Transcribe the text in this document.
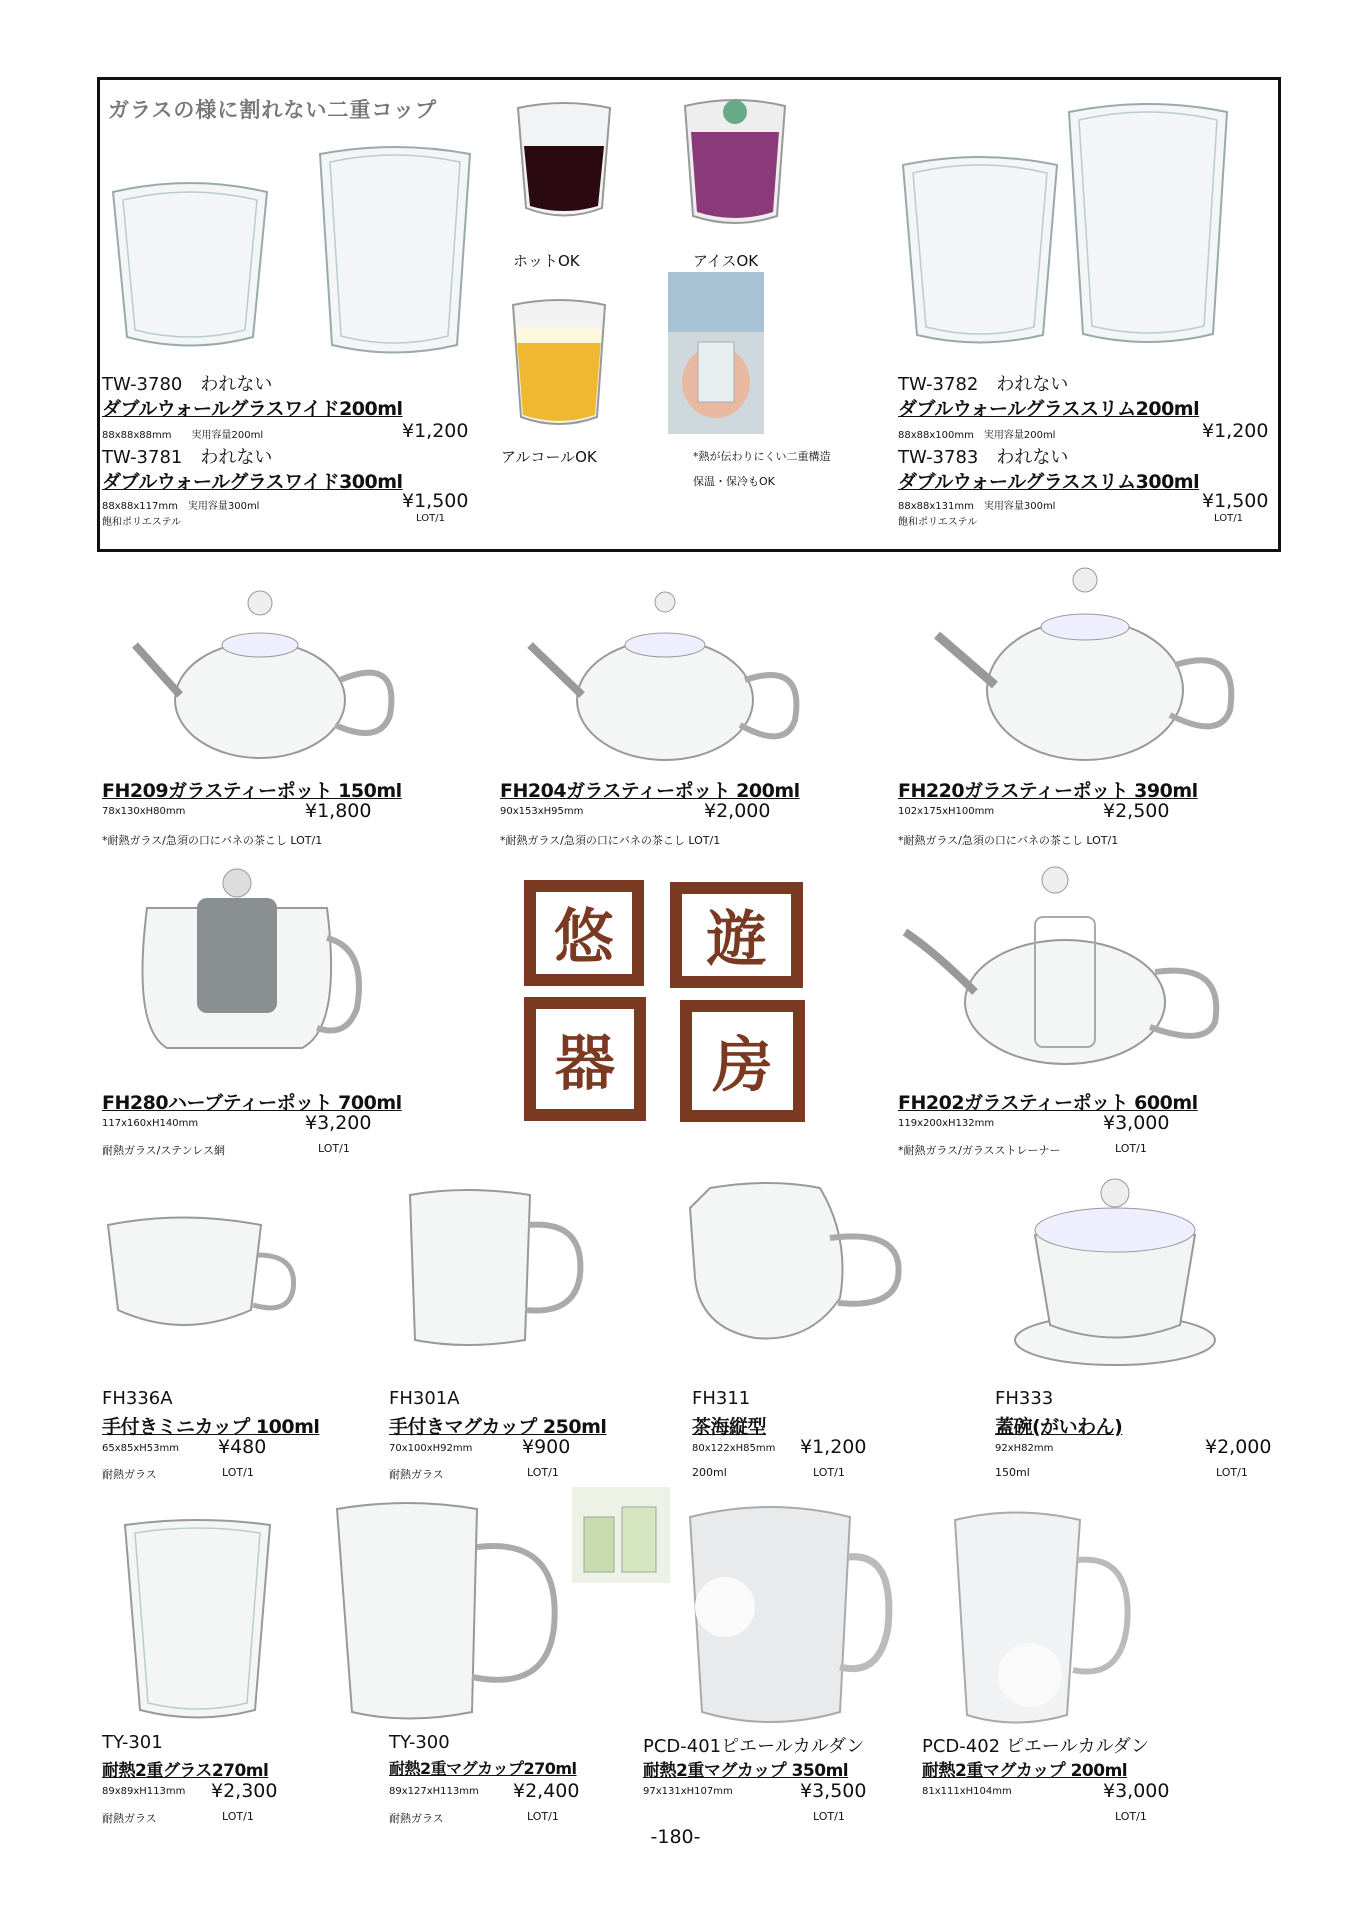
ガラスの様に割れない二重コップ
ホットOK	アイスOK
アルコールOK	*熱が伝わりにくい二重構造
保温・保冷もOK
TW-3780　われない
ダブルウォールグラスワイド200ml
88x88x88mm　　実用容量200ml	¥1,200
TW-3781　われない
ダブルウォールグラスワイド300ml
88x88x117mm　実用容量300ml	¥1,500
飽和ポリエステル	LOT/1
TW-3782　われない
ダブルウォールグラススリム200ml
88x88x100mm　実用容量200ml	¥1,200
TW-3783　われない
ダブルウォールグラススリム300ml
88x88x131mm　実用容量300ml	¥1,500
飽和ポリエステル	LOT/1
FH209ガラスティーポット 150ml
78x130xH80mm	¥1,800
*耐熱ガラス/急須の口にバネの茶こし LOT/1
FH204ガラスティーポット 200ml
90x153xH95mm	¥2,000
*耐熱ガラス/急須の口にバネの茶こし LOT/1
FH220ガラスティーポット 390ml
102x175xH100mm	¥2,500
*耐熱ガラス/急須の口にバネの茶こし LOT/1
悠 遊
器 房
FH280ハーブティーポット 700ml
117x160xH140mm	¥3,200
耐熱ガラス/ステンレス網	LOT/1
FH202ガラスティーポット 600ml
119x200xH132mm	¥3,000
*耐熱ガラス/ガラスストレーナー	LOT/1
FH336A
手付きミニカップ 100ml
65x85xH53mm ¥480
耐熱ガラス	LOT/1
FH301A
手付きマグカップ 250ml
70x100xH92mm	¥900
耐熱ガラス	LOT/1
FH311
茶海縦型
80x122xH85mm ¥1,200
200ml	LOT/1
FH333
蓋碗(がいわん)
92xH82mm	¥2,000
150ml	LOT/1
TY-301
耐熱2重グラス270ml
89x89xH113mm ¥2,300
耐熱ガラス	LOT/1
TY-300
耐熱2重マグカップ270ml
89x127xH113mm ¥2,400
耐熱ガラス	LOT/1
PCD-401ピエールカルダン
耐熱2重マグカップ 350ml
97x131xH107mm	¥3,500
LOT/1
PCD-402 ピエールカルダン
耐熱2重マグカップ 200ml
81x111xH104mm	¥3,000
LOT/1
-180-
